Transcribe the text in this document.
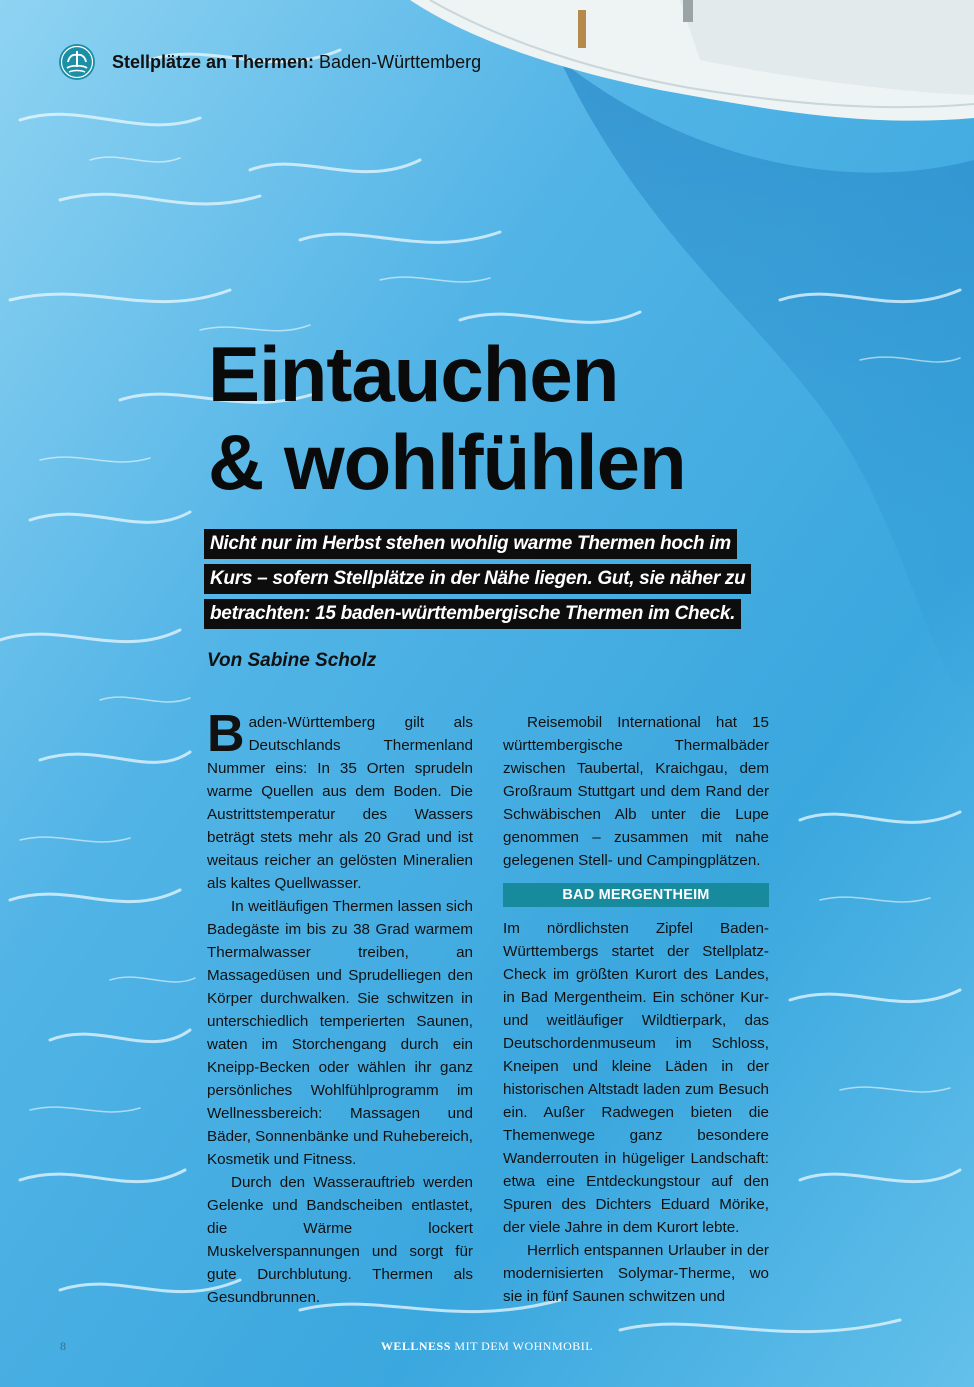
Stellplätze an Thermen: Baden-Württemberg
Eintauchen
& wohlfühlen
Nicht nur im Herbst stehen wohlig warme Thermen hoch im
Kurs – sofern Stellplätze in der Nähe liegen. Gut, sie näher zu
betrachten: 15 baden-württembergische Thermen im Check.
Von Sabine Scholz

Baden-Württemberg gilt als Deutschlands Thermenland Nummer eins: In 35 Orten sprudeln warme Quellen aus dem Boden. Die Austrittstemperatur des Wassers beträgt stets mehr als 20 Grad und ist weitaus reicher an gelösten Mineralien als kaltes Quellwasser.

In weitläufigen Thermen lassen sich Badegäste im bis zu 38 Grad warmem Thermalwasser treiben, an Massagedüsen und Sprudelliegen den Körper durchwalken. Sie schwitzen in unterschiedlich temperierten Saunen, waten im Storchengang durch ein Kneipp-Becken oder wählen ihr ganz persönliches Wohlfühlprogramm im Wellnessbereich: Massagen und Bäder, Sonnenbänke und Ruhebereich, Kosmetik und Fitness.

Durch den Wasserauftrieb werden Gelenke und Bandscheiben entlastet, die Wärme lockert Muskelverspannungen und sorgt für gute Durchblutung. Thermen als Gesundbrunnen.

Reisemobil International hat 15 württembergische Thermalbäder zwischen Taubertal, Kraichgau, dem Großraum Stuttgart und dem Rand der Schwäbischen Alb unter die Lupe genommen – zusammen mit nahe gelegenen Stell- und Campingplätzen.

BAD MERGENTHEIM

Im nördlichsten Zipfel Baden-Württembergs startet der Stellplatz-Check im größten Kurort des Landes, in Bad Mergentheim. Ein schöner Kur- und weitläufiger Wildtierpark, das Deutschordenmuseum im Schloss, Kneipen und kleine Läden in der historischen Altstadt laden zum Besuch ein. Außer Radwegen bieten die Themenwege ganz besondere Wanderrouten in hügeliger Landschaft: etwa eine Entdeckungstour auf den Spuren des Dichters Eduard Mörike, der viele Jahre in dem Kurort lebte.

Herrlich entspannen Urlauber in der modernisierten Solymar-Therme, wo sie in fünf Saunen schwitzen und

8	WELLNESS MIT DEM WOHNMOBIL
